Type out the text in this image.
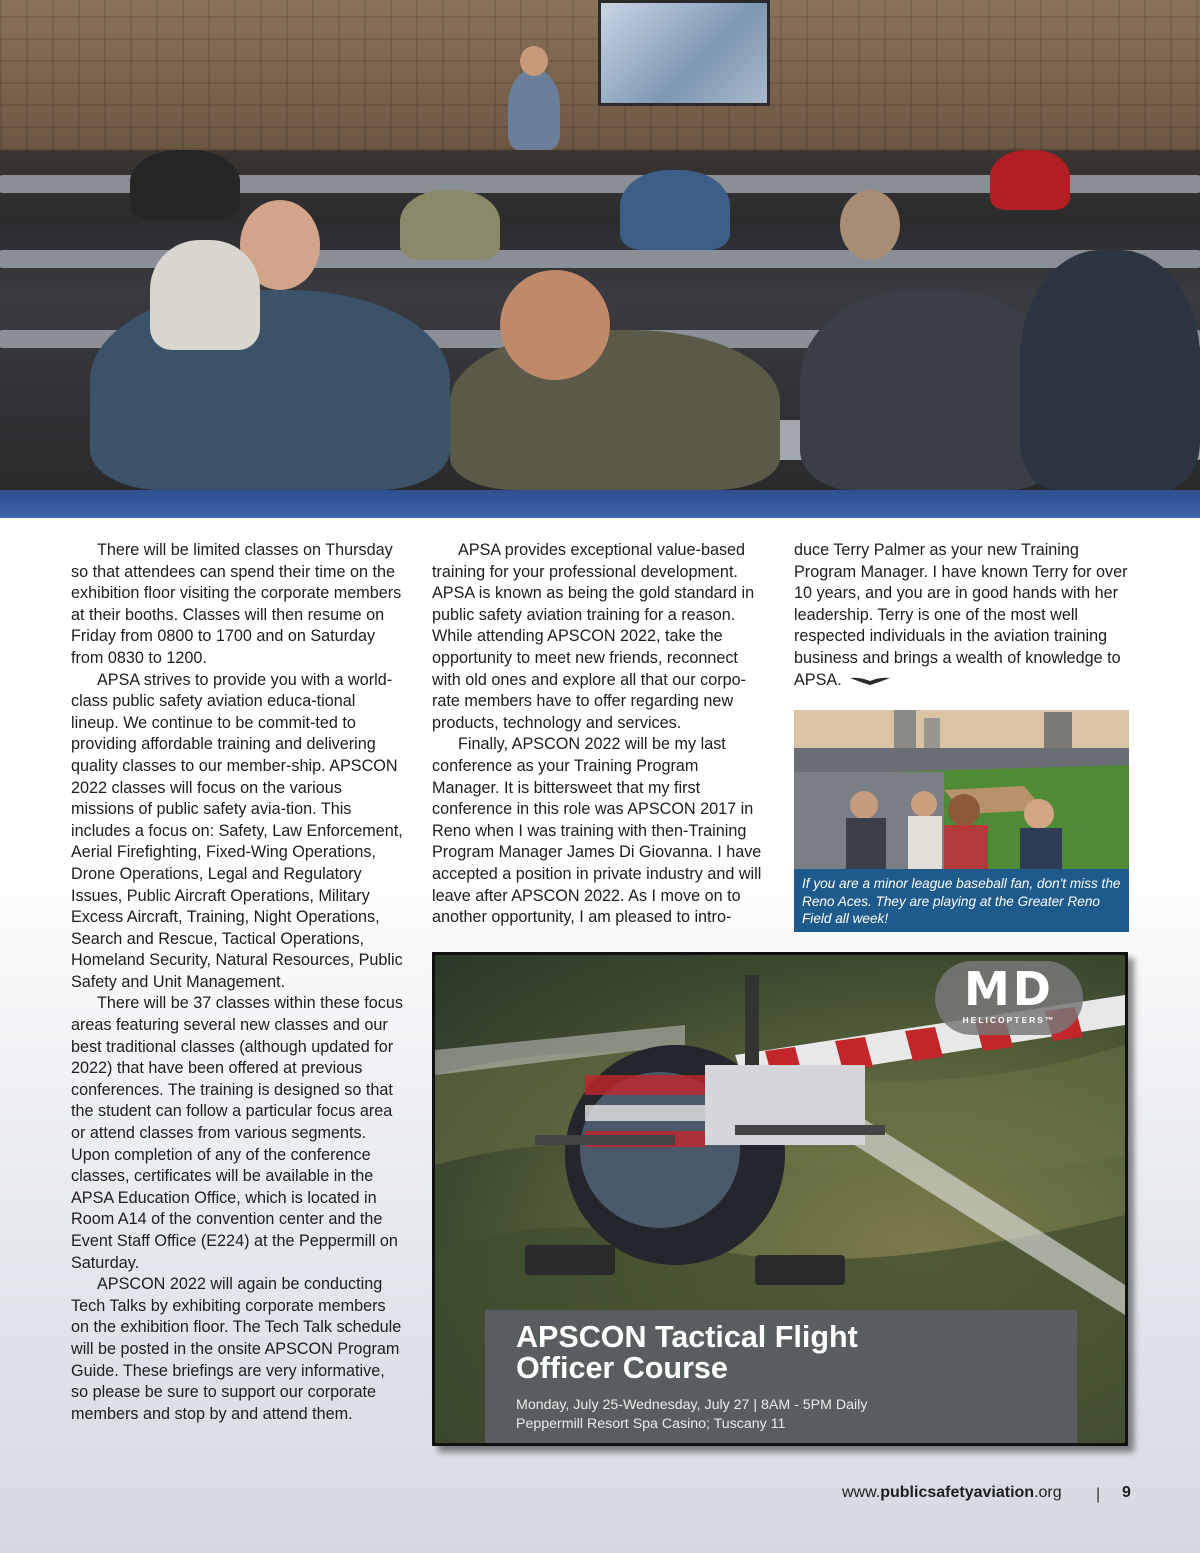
There will be limited classes on Thursday so that attendees can spend their time on the exhibition floor visiting the corporate members at their booths. Classes will then resume on Friday from 0800 to 1700 and on Saturday from 0830 to 1200.

APSA strives to provide you with a world-class public safety aviation educa-tional lineup. We continue to be commit-ted to providing affordable training and delivering quality classes to our member-ship. APSCON 2022 classes will focus on the various missions of public safety avia-tion. This includes a focus on: Safety, Law Enforcement, Aerial Firefighting, Fixed-Wing Operations, Drone Operations, Legal and Regulatory Issues, Public Aircraft Operations, Military Excess Aircraft, Training, Night Operations, Search and Rescue, Tactical Operations, Homeland Security, Natural Resources, Public Safety and Unit Management.

There will be 37 classes within these focus areas featuring several new classes and our best traditional classes (although updated for 2022) that have been offered at previous conferences. The training is designed so that the student can follow a particular focus area or attend classes from various segments. Upon completion of any of the conference classes, certificates will be available in the APSA Education Office, which is located in Room A14 of the convention center and the Event Staff Office (E224) at the Peppermill on Saturday.

APSCON 2022 will again be conducting Tech Talks by exhibiting corporate members on the exhibition floor. The Tech Talk schedule will be posted in the onsite APSCON Program Guide. These briefings are very informative, so please be sure to support our corporate members and stop by and attend them.

APSA provides exceptional value-based training for your professional development. APSA is known as being the gold standard in public safety aviation training for a reason. While attending APSCON 2022, take the opportunity to meet new friends, reconnect with old ones and explore all that our corpo-rate members have to offer regarding new products, technology and services.

Finally, APSCON 2022 will be my last conference as your Training Program Manager. It is bittersweet that my first conference in this role was APSCON 2017 in Reno when I was training with then-Training Program Manager James Di Giovanna. I have accepted a position in private industry and will leave after APSCON 2022. As I move on to another opportunity, I am pleased to intro-

duce Terry Palmer as your new Training Program Manager. I have known Terry for over 10 years, and you are in good hands with her leadership. Terry is one of the most well respected individuals in the aviation training business and brings a wealth of knowledge to APSA.

If you are a minor league baseball fan, don't miss the Reno Aces. They are playing at the Greater Reno Field all week!
MD
HELICOPTERS™
APSCON Tactical Flight
Officer Course
Monday, July 25-Wednesday, July 27 | 8AM - 5PM Daily
Peppermill Resort Spa Casino; Tuscany 11
www.publicsafetyaviation.org | 9
